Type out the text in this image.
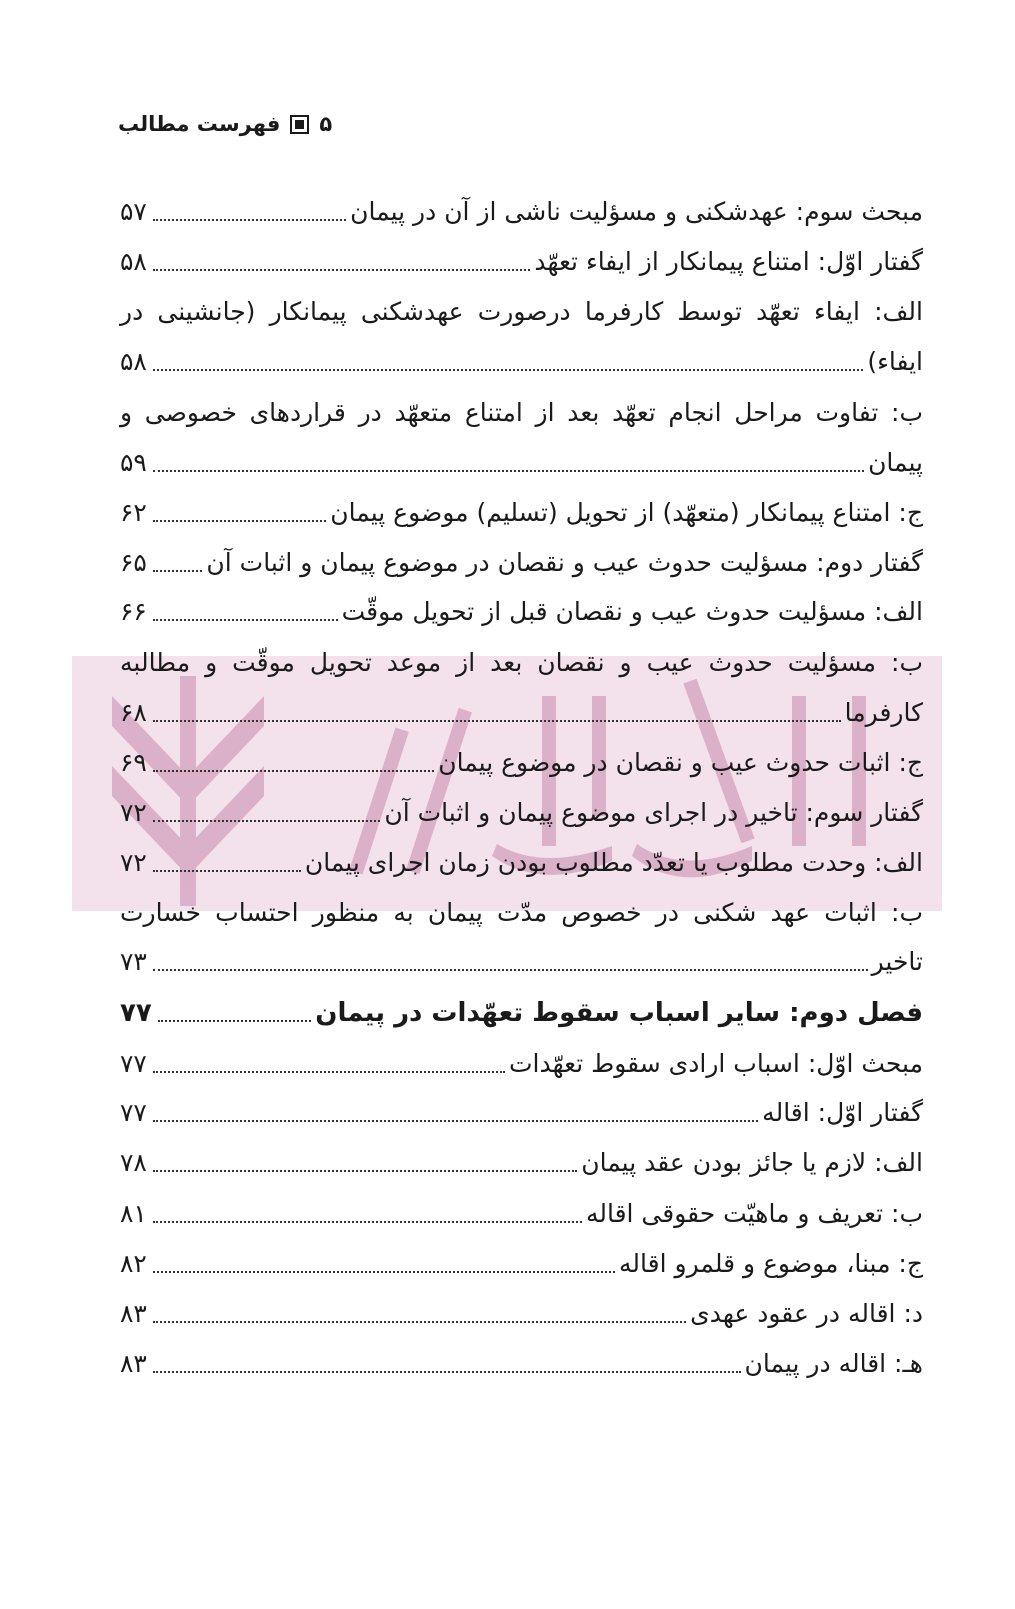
۵
فهرست مطالب
مبحث سوم: عهدشکنی و مسؤلیت ناشی از آن در پیمان
۵۷
گفتار اوّل: امتناع پیمانکار از ایفاء تعهّد
۵۸
الف: ایفاء تعهّد توسط کارفرما درصورت عهدشکنی پیمانکار (جانشینی در
ایفاء)
۵۸
ب: تفاوت مراحل انجام تعهّد بعد از امتناع متعهّد در قراردهای خصوصی و
پیمان
۵۹
ج: امتناع پیمانکار (متعهّد) از تحویل (تسلیم) موضوع پیمان
۶۲
گفتار دوم: مسؤلیت حدوث عیب و نقصان در موضوع پیمان و اثبات آن
۶۵
الف: مسؤلیت حدوث عیب و نقصان قبل از تحویل موقّت
۶۶
ب: مسؤلیت حدوث عیب و نقصان بعد از موعد تحویل موقّت و مطالبه
کارفرما
۶۸
ج: اثبات حدوث عیب و نقصان در موضوع پیمان
۶۹
گفتار سوم: تاخیر در اجرای موضوع پیمان و اثبات آن
۷۲
الف: وحدت مطلوب یا تعدّد مطلوب بودن زمان اجرای پیمان
۷۲
ب: اثبات عهد شکنی در خصوص مدّت پیمان به منظور احتساب خسارت
تاخیر
۷۳
فصل دوم: سایر اسباب سقوط تعهّدات در پیمان
۷۷
مبحث اوّل: اسباب ارادی سقوط تعهّدات
۷۷
گفتار اوّل: اقاله
۷۷
الف: لازم یا جائز بودن عقد پیمان
۷۸
ب: تعریف و ماهیّت حقوقی اقاله
۸۱
ج: مبنا، موضوع و قلمرو اقاله
۸۲
د: اقاله در عقود عهدی
۸۳
هـ: اقاله در پیمان
۸۳
